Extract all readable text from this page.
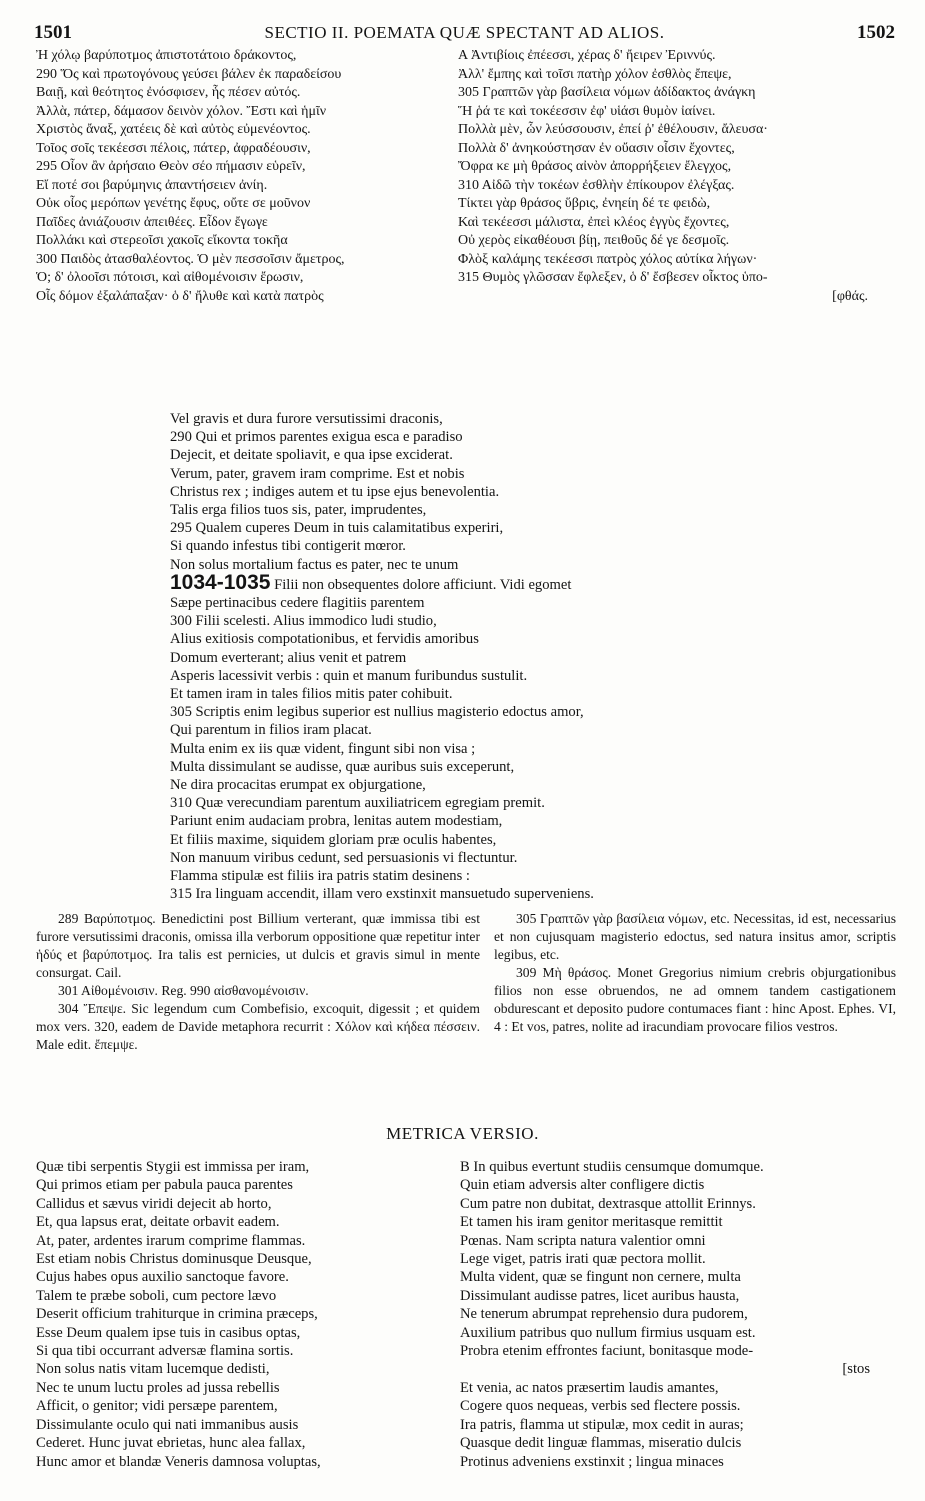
1501	SECTIO II. POEMATA QUÆ SPECTANT AD ALIOS.	1502
Ἠ χόλῳ βαρύποτμος ἀπιστοτάτοιο δράκοντος,
290 Ὅς καὶ πρωτογόνους γεύσει βάλεν ἐκ παραδείσου
Βαιῇ, καὶ θεότητος ἐνόσφισεν, ἧς πέσεν αὐτός.
Ἀλλὰ, πάτερ, δάμασον δεινὸν χόλον. Ἔστι καὶ ἡμῖν
Χριστὸς ἄναξ, χατέεις δὲ καὶ αὐτὸς εὐμενέοντος.
Τοῖος σοῖς τεκέεσσι πέλοις, πάτερ, ἀφραδέουσιν,
295 Οἷον ἂν ἀρήσαιο Θεὸν σέο πήμασιν εὑρεῖν,
Εἴ ποτέ σοι βαρύμηνις ἀπαντήσειεν ἀνίη.
Οὐκ οἶος μερόπων γενέτης ἔφυς, οὔτε σε μοῦνον
Παῖδες ἀνιάζουσιν ἀπειθέες. Εἶδον ἔγωγε
Πολλάκι καὶ στερεοῖσι χακοῖς εἴκοντα τοκῆα
300 Παιδὸς ἀτασθαλέοντος. Ὁ μὲν πεσσοῖσιν ἄμετρος,
Ὁ; δ' ὀλοοῖσι πότοισι, καὶ αἰθομένοισιν ἔρωσιν,
Οἷς δόμον ἐξαλάπαξαν· ὁ δ' ἤλυθε καὶ κατὰ πατρὸς
A Ἀντιβίοις ἐπέεσσι, χέρας δ' ἤειρεν Ἐριννύς.
Ἀλλ' ἔμπης καὶ τοῖσι πατὴρ χόλον ἐσθλὸς ἔπεψε,
305 Γραπτῶν γὰρ βασίλεια νόμων ἀδίδακτος ἀνάγκη
Ἥ ῥά τε καὶ τοκέεσσιν ἐφ' υἱάσι θυμὸν ἰαίνει.
Πολλὰ μὲν, ὧν λεύσσουσιν, ἐπεί ῥ' ἐθέλουσιν, ἄλευσα·
Πολλὰ δ' ἀνηκούστησαν ἐν οὔασιν οἷσιν ἔχοντες,
Ὄφρα κε μὴ θράσος αἰνὸν ἀπορρήξειεν ἔλεγχος,
310 Αἰδῶ τὴν τοκέων ἐσθλὴν ἐπίκουρον ἐλέγξας.
Τίκτει γὰρ θράσος ὕβρις, ἐνηείη δέ τε φειδὼ,
Καὶ τεκέεσσι μάλιστα, ἐπεὶ κλέος ἐγγὺς ἔχοντες,
Οὐ χερὸς εἰκαθέουσι βίῃ, πειθοῦς δέ γε δεσμοῖς.
Φλὸξ καλάμης τεκέεσσι πατρὸς χόλος αὐτίκα λήγων·
315 Θυμὸς γλῶσσαν ἔφλεξεν, ὁ δ' ἔσβεσεν οἶκτος ὑπο-
[φθάς.
Vel gravis et dura furore versutissimi draconis,
290 Qui et primos parentes exigua esca e paradiso
Dejecit, et deitate spoliavit, e qua ipse exciderat.
Verum, pater, gravem iram comprime. Est et nobis
Christus rex ; indiges autem et tu ipse ejus benevolentia.
Talis erga filios tuos sis, pater, imprudentes,
295 Qualem cuperes Deum in tuis calamitatibus experiri,
Si quando infestus tibi contigerit mœror.
Non solus mortalium factus es pater, nec te unum
1034-1035 Filii non obsequentes dolore afficiunt. Vidi egomet
Sæpe pertinacibus cedere flagitiis parentem
300 Filii scelesti. Alius immodico ludi studio,
Alius exitiosis compotationibus, et fervidis amoribus
Domum everterant; alius venit et patrem
Asperis lacessivit verbis : quin et manum furibundus sustulit.
Et tamen iram in tales filios mitis pater cohibuit.
305 Scriptis enim legibus superior est nullius magisterio edoctus amor,
Qui parentum in filios iram placat.
Multa enim ex iis quæ vident, fingunt sibi non visa ;
Multa dissimulant se audisse, quæ auribus suis exceperunt,
Ne dira procacitas erumpat ex objurgatione,
310 Quæ verecundiam parentum auxiliatricem egregiam premit.
Pariunt enim audaciam probra, lenitas autem modestiam,
Et filiis maxime, siquidem gloriam præ oculis habentes,
Non manuum viribus cedunt, sed persuasionis vi flectuntur.
Flamma stipulæ est filiis ira patris statim desinens :
315 Ira linguam accendit, illam vero exstinxit mansuetudo superveniens.

289 Βαρύποτμος. Benedictini post Billium verterant, quæ immissa tibi est furore versutissimi draconis, omissa illa verborum oppositione quæ repetitur inter ἡδύς et βαρύποτμος. Ira talis est pernicies, ut dulcis et gravis simul in mente consurgat. Cail.

301 Αἰθομένοισιν. Reg. 990 αἰσθανομένοισιν.

304 Ἔπεψε. Sic legendum cum Combefisio, excoquit, digessit ; et quidem mox vers. 320, eadem de Davide metaphora recurrit : Χόλον καὶ κήδεα πέσσειν. Male edit. ἔπεμψε.

305 Γραπτῶν γὰρ βασίλεια νόμων, etc. Necessitas, id est, necessarius et non cujusquam magisterio edoctus, sed natura insitus amor, scriptis legibus, etc.

309 Μὴ θράσος. Monet Gregorius nimium crebris objurgationibus filios non esse obruendos, ne ad omnem tandem castigationem obdurescant et deposito pudore contumaces fiant : hinc Apost. Ephes. VI, 4 : Et vos, patres, nolite ad iracundiam provocare filios vestros.

METRICA VERSIO.
Quæ tibi serpentis Stygii est immissa per iram,
Qui primos etiam per pabula pauca parentes
Callidus et sævus viridi dejecit ab horto,
Et, qua lapsus erat, deitate orbavit eadem.
At, pater, ardentes irarum comprime flammas.
Est etiam nobis Christus dominusque Deusque,
Cujus habes opus auxilio sanctoque favore.
Talem te præbe soboli, cum pectore lævo
Deserit officium trahiturque in crimina præceps,
Esse Deum qualem ipse tuis in casibus optas,
Si qua tibi occurrant adversæ flamina sortis.
Non solus natis vitam lucemque dedisti,
Nec te unum luctu proles ad jussa rebellis
Afficit, o genitor; vidi persæpe parentem,
Dissimulante oculo qui nati immanibus ausis
Cederet. Hunc juvat ebrietas, hunc alea fallax,
Hunc amor et blandæ Veneris damnosa voluptas,
B In quibus evertunt studiis censumque domumque.
Quin etiam adversis alter confligere dictis
Cum patre non dubitat, dextrasque attollit Erinnys.
Et tamen his iram genitor meritasque remittit
Pœnas. Nam scripta natura valentior omni
Lege viget, patris irati quæ pectora mollit.
Multa vident, quæ se fingunt non cernere, multa
Dissimulant audisse patres, licet auribus hausta,
Ne tenerum abrumpat reprehensio dura pudorem,
Auxilium patribus quo nullum firmius usquam est.
Probra etenim effrontes faciunt, bonitasque mode-
[stos
Et venia, ac natos præsertim laudis amantes,
Cogere quos nequeas, verbis sed flectere possis.
Ira patris, flamma ut stipulæ, mox cedit in auras;
Quasque dedit linguæ flammas, miseratio dulcis
Protinus adveniens exstinxit ; lingua minaces
